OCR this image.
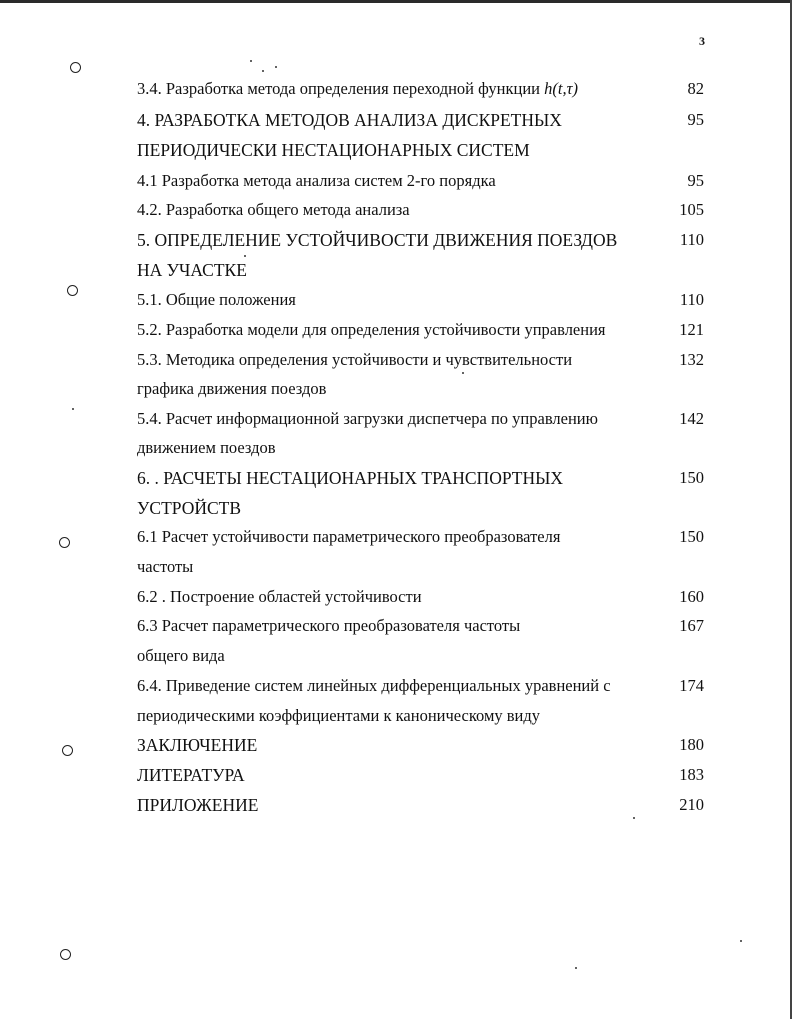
3
3.4. Разработка метода определения переходной функции h(t,τ)	82
4. РАЗРАБОТКА МЕТОДОВ АНАЛИЗА ДИСКРЕТНЫХ	95
ПЕРИОДИЧЕСКИ НЕСТАЦИОНАРНЫХ СИСТЕМ
4.1 Разработка метода анализа систем 2-го порядка	95
4.2. Разработка общего метода анализа	105
5. ОПРЕДЕЛЕНИЕ УСТОЙЧИВОСТИ ДВИЖЕНИЯ ПОЕЗДОВ	110
НА УЧАСТКЕ
5.1. Общие положения	110
5.2. Разработка модели для определения устойчивости управления	121
5.3. Методика определения устойчивости и чувствительности	132
графика движения поездов
5.4. Расчет информационной загрузки диспетчера по управлению	142
движением поездов
6. . РАСЧЕТЫ НЕСТАЦИОНАРНЫХ ТРАНСПОРТНЫХ	150
УСТРОЙСТВ
6.1 Расчет устойчивости параметрического преобразователя	150
частоты
6.2 . Построение областей устойчивости	160
6.3 Расчет параметрического преобразователя частоты	167
общего вида
6.4. Приведение систем линейных дифференциальных уравнений с	174
периодическими коэффициентами к каноническому виду
ЗАКЛЮЧЕНИЕ	180
ЛИТЕРАТУРА	183
ПРИЛОЖЕНИЕ	210
